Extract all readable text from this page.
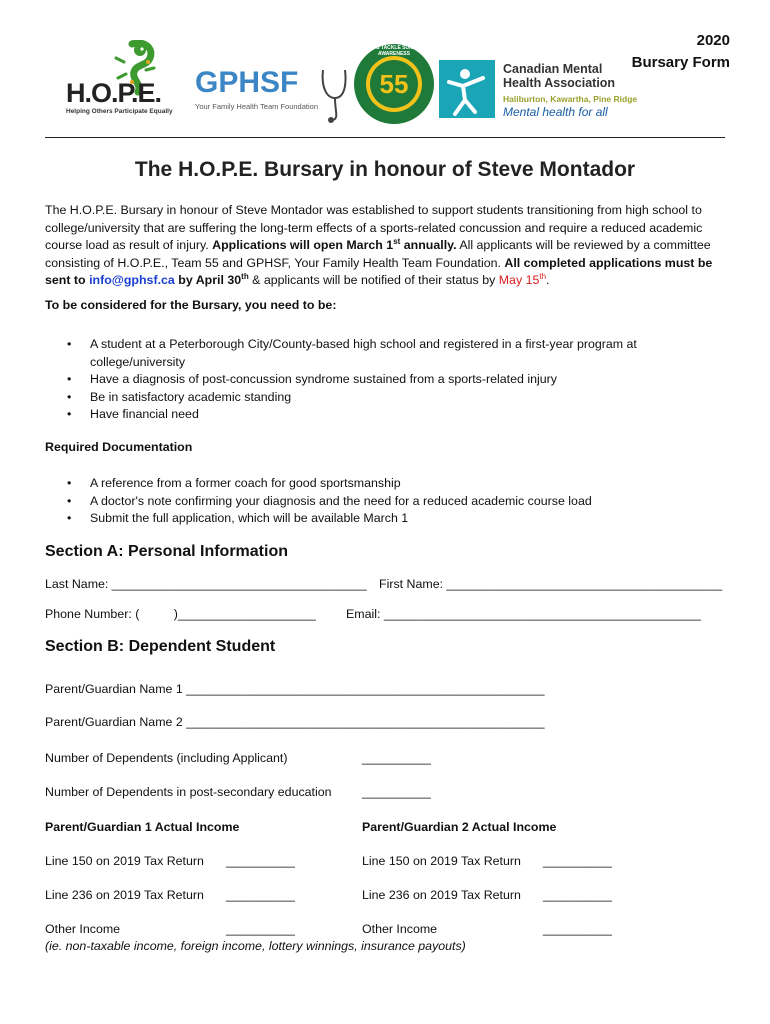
2020
Bursary Form
H.O.P.E.
Helping Others Participate Equally
GPHSF
Your Family Health Team Foundation
55
LET'S TACKLE SUICIDE AWARENESS
Canadian Mental
Health Association
Haliburton, Kawartha, Pine Ridge
Mental health for all
The H.O.P.E. Bursary in honour of Steve Montador
The H.O.P.E. Bursary in honour of Steve Montador was established to support students transitioning from high school to college/university that are suffering the long-term effects of a sports-related concussion and require a reduced academic course load as result of injury. Applications will open March 1st annually. All applicants will be reviewed by a committee consisting of H.O.P.E., Team 55 and GPHSF, Your Family Health Team Foundation. All completed applications must be sent to info@gphsf.ca by April 30th & applicants will be notified of their status by May 15th.
To be considered for the Bursary, you need to be:
• A student at a Peterborough City/County-based high school and registered in a first-year program at college/university
• Have a diagnosis of post-concussion syndrome sustained from a sports-related injury
• Be in satisfactory academic standing
• Have financial need
Required Documentation
• A reference from a former coach for good sportsmanship
• A doctor's note confirming your diagnosis and the need for a reduced academic course load
• Submit the full application, which will be available March 1
Section A: Personal Information
Last Name: _____________________________________ First Name: ________________________________________
Phone Number: (          )____________________ Email: ______________________________________________
Section B: Dependent Student
Parent/Guardian Name 1 ____________________________________________________
Parent/Guardian Name 2 ____________________________________________________
Number of Dependents (including Applicant)	__________
Number of Dependents in post-secondary education __________
Parent/Guardian 1 Actual Income	Parent/Guardian 2 Actual Income
Line 150 on 2019 Tax Return __________	Line 150 on 2019 Tax Return __________
Line 236 on 2019 Tax Return __________	Line 236 on 2019 Tax Return __________
Other Income	__________	Other Income	__________
(ie. non-taxable income, foreign income, lottery winnings, insurance payouts)
